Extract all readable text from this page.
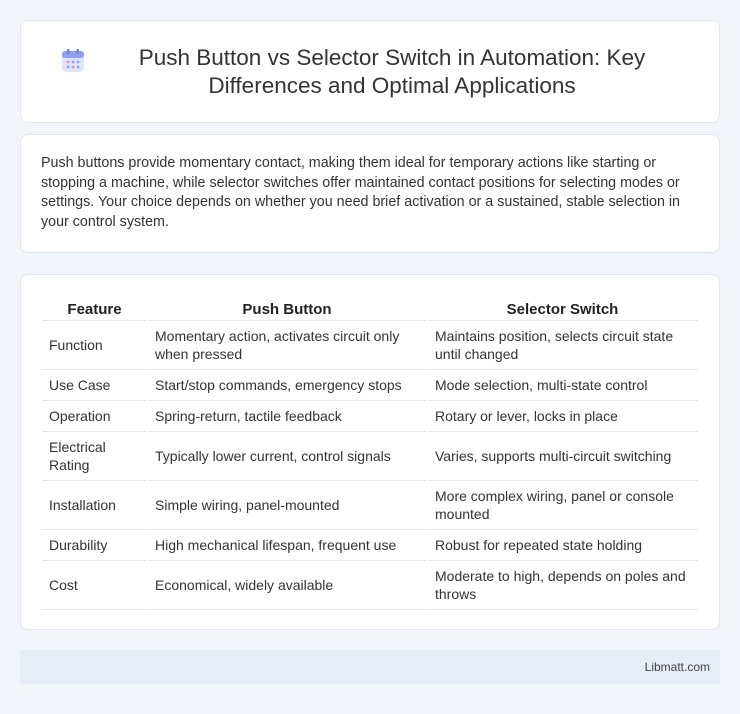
Push Button vs Selector Switch in Automation: Key Differences and Optimal Applications

Push buttons provide momentary contact, making them ideal for temporary actions like starting or stopping a machine, while selector switches offer maintained contact positions for selecting modes or settings. Your choice depends on whether you need brief activation or a sustained, stable selection in your control system.

Feature	Push Button	Selector Switch
Function	Momentary action, activates circuit only when pressed	Maintains position, selects circuit state until changed
Use Case	Start/stop commands, emergency stops	Mode selection, multi-state control
Operation	Spring-return, tactile feedback	Rotary or lever, locks in place
Electrical Rating	Typically lower current, control signals	Varies, supports multi-circuit switching
Installation	Simple wiring, panel-mounted	More complex wiring, panel or console mounted
Durability	High mechanical lifespan, frequent use	Robust for repeated state holding
Cost	Economical, widely available	Moderate to high, depends on poles and throws
Libmatt.com
